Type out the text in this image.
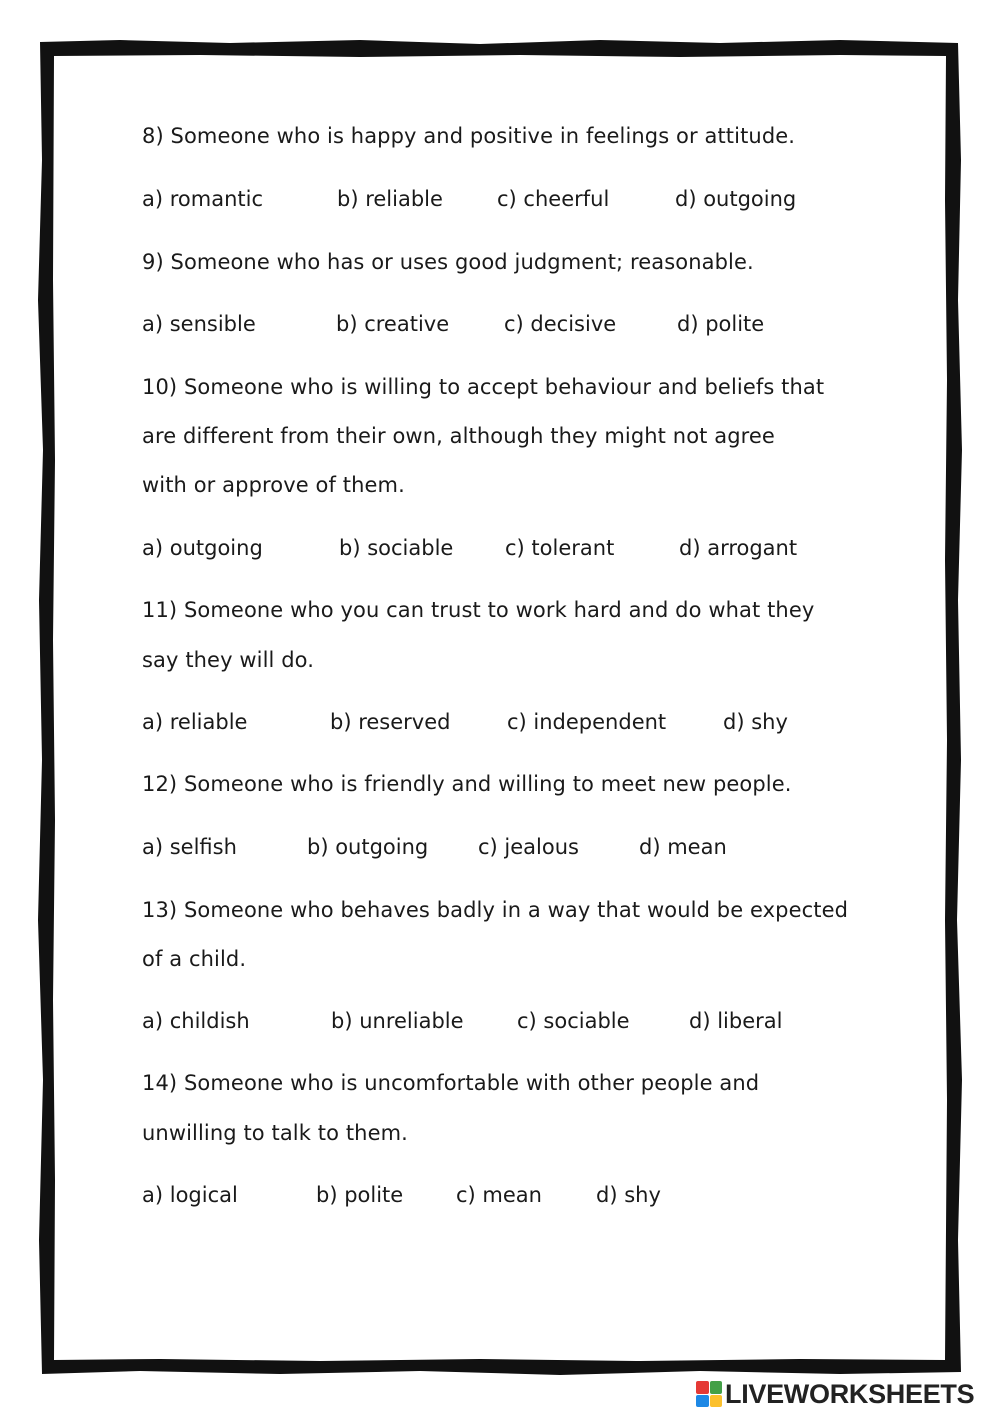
8) Someone who is happy and positive in feelings or attitude.
a) romantic	b) reliable	c) cheerful	d) outgoing
9) Someone who has or uses good judgment; reasonable.
a) sensible	b) creative	c) decisive	d) polite
10) Someone who is willing to accept behaviour and beliefs that
are different from their own, although they might not agree
with or approve of them.
a) outgoing	b) sociable c) tolerant	d) arrogant
11) Someone who you can trust to work hard and do what they
say they will do.
a) reliable	b) reserved	c) independent	d) shy
12) Someone who is friendly and willing to meet new people.
a) selfish	b) outgoing c) jealous	d) mean
13) Someone who behaves badly in a way that would be expected
of a child.
a) childish	b) unreliable	c) sociable	d) liberal
14) Someone who is uncomfortable with other people and
unwilling to talk to them.
a) logical	b) polite	c) mean	d) shy
LIVEWORKSHEETS
